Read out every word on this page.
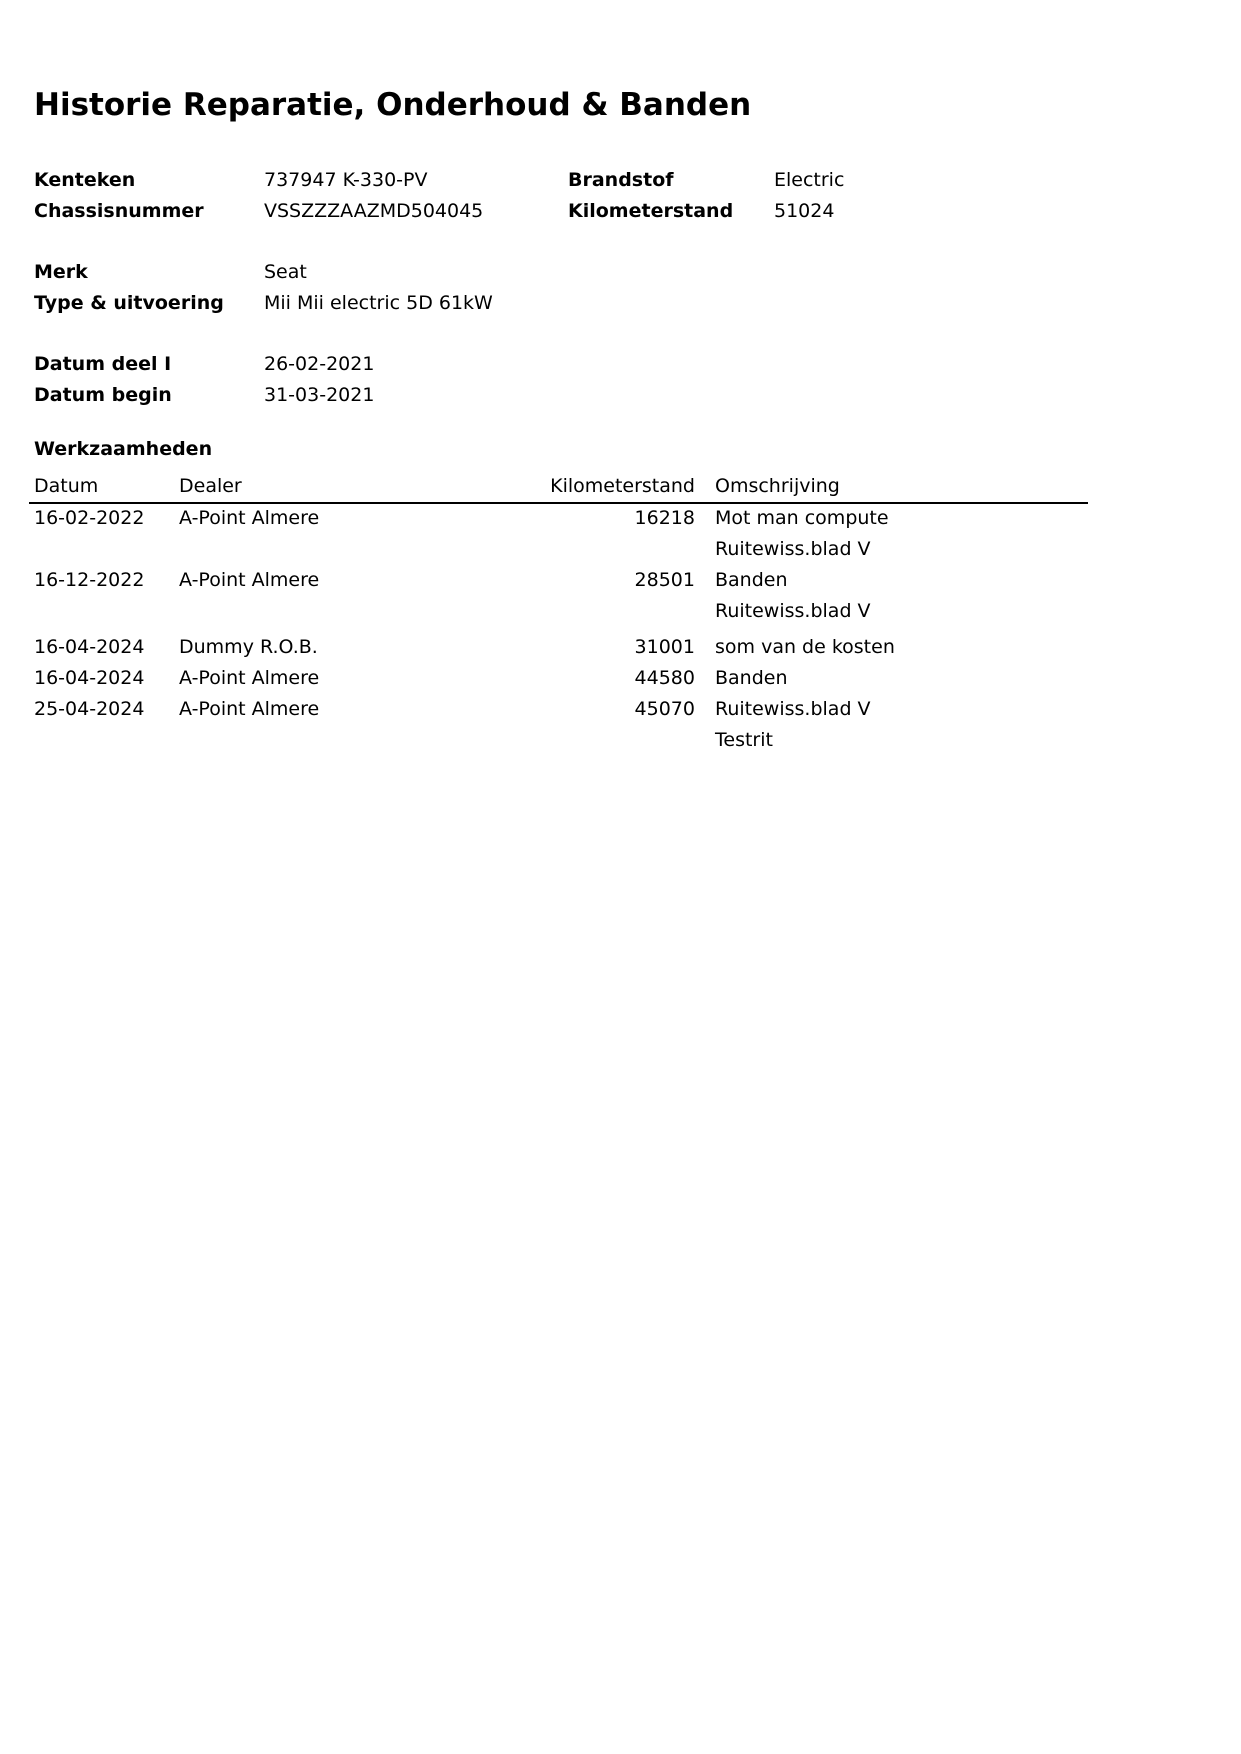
Historie Reparatie, Onderhoud & Banden
Kenteken	737947 K-330-PV	Brandstof	Electric
Chassisnummer	VSSZZZAAZMD504045	Kilometerstand 51024
Merk	Seat
Type & uitvoering Mii Mii electric 5D 61kW
Datum deel I	26-02-2021
Datum begin	31-03-2021
Werkzaamheden
Datum	Dealer	Kilometerstand Omschrijving
16-02-2022 A-Point Almere	16218 Mot man compute
Ruitewiss.blad V
16-12-2022 A-Point Almere	28501 Banden
Ruitewiss.blad V
16-04-2024 Dummy R.O.B.	31001 som van de kosten
16-04-2024 A-Point Almere	44580 Banden
25-04-2024 A-Point Almere	45070 Ruitewiss.blad V
Testrit
